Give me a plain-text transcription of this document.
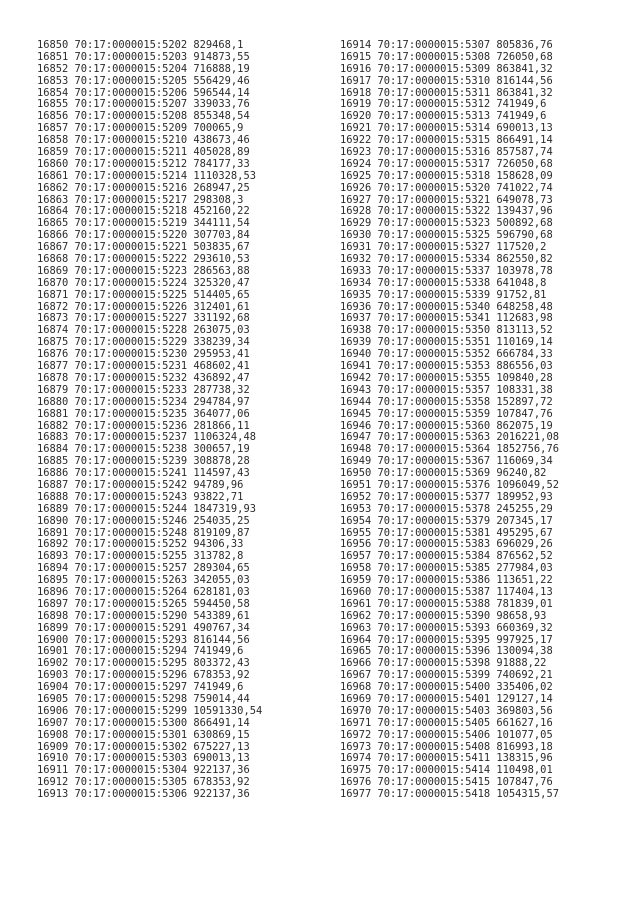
16850 70:17:0000015:5202 829468,1
16851 70:17:0000015:5203 914873,55
16852 70:17:0000015:5204 716888,19
16853 70:17:0000015:5205 556429,46
16854 70:17:0000015:5206 596544,14
16855 70:17:0000015:5207 339033,76
16856 70:17:0000015:5208 855348,54
16857 70:17:0000015:5209 700065,9
16858 70:17:0000015:5210 438673,46
16859 70:17:0000015:5211 405028,89
16860 70:17:0000015:5212 784177,33
16861 70:17:0000015:5214 1110328,53
16862 70:17:0000015:5216 268947,25
16863 70:17:0000015:5217 298308,3
16864 70:17:0000015:5218 452160,22
16865 70:17:0000015:5219 344111,54
16866 70:17:0000015:5220 307703,84
16867 70:17:0000015:5221 503835,67
16868 70:17:0000015:5222 293610,53
16869 70:17:0000015:5223 286563,88
16870 70:17:0000015:5224 325320,47
16871 70:17:0000015:5225 514405,65
16872 70:17:0000015:5226 312401,61
16873 70:17:0000015:5227 331192,68
16874 70:17:0000015:5228 263075,03
16875 70:17:0000015:5229 338239,34
16876 70:17:0000015:5230 295953,41
16877 70:17:0000015:5231 468602,41
16878 70:17:0000015:5232 436892,47
16879 70:17:0000015:5233 287738,32
16880 70:17:0000015:5234 294784,97
16881 70:17:0000015:5235 364077,06
16882 70:17:0000015:5236 281866,11
16883 70:17:0000015:5237 1106324,48
16884 70:17:0000015:5238 300657,19
16885 70:17:0000015:5239 308878,28
16886 70:17:0000015:5241 114597,43
16887 70:17:0000015:5242 94789,96
16888 70:17:0000015:5243 93822,71
16889 70:17:0000015:5244 1847319,93
16890 70:17:0000015:5246 254035,25
16891 70:17:0000015:5248 819109,87
16892 70:17:0000015:5252 94306,33
16893 70:17:0000015:5255 313782,8
16894 70:17:0000015:5257 289304,65
16895 70:17:0000015:5263 342055,03
16896 70:17:0000015:5264 628181,03
16897 70:17:0000015:5265 594450,58
16898 70:17:0000015:5290 543389,61
16899 70:17:0000015:5291 490767,34
16900 70:17:0000015:5293 816144,56
16901 70:17:0000015:5294 741949,6
16902 70:17:0000015:5295 803372,43
16903 70:17:0000015:5296 678353,92
16904 70:17:0000015:5297 741949,6
16905 70:17:0000015:5298 759014,44
16906 70:17:0000015:5299 10591330,54
16907 70:17:0000015:5300 866491,14
16908 70:17:0000015:5301 630869,15
16909 70:17:0000015:5302 675227,13
16910 70:17:0000015:5303 690013,13
16911 70:17:0000015:5304 922137,36
16912 70:17:0000015:5305 678353,92
16913 70:17:0000015:5306 922137,36
16914 70:17:0000015:5307 805836,76
16915 70:17:0000015:5308 726050,68
16916 70:17:0000015:5309 863841,32
16917 70:17:0000015:5310 816144,56
16918 70:17:0000015:5311 863841,32
16919 70:17:0000015:5312 741949,6
16920 70:17:0000015:5313 741949,6
16921 70:17:0000015:5314 690013,13
16922 70:17:0000015:5315 866491,14
16923 70:17:0000015:5316 857587,74
16924 70:17:0000015:5317 726050,68
16925 70:17:0000015:5318 158628,09
16926 70:17:0000015:5320 741022,74
16927 70:17:0000015:5321 649078,73
16928 70:17:0000015:5322 139437,96
16929 70:17:0000015:5323 500892,68
16930 70:17:0000015:5325 596790,68
16931 70:17:0000015:5327 117520,2
16932 70:17:0000015:5334 862550,82
16933 70:17:0000015:5337 103978,78
16934 70:17:0000015:5338 641048,8
16935 70:17:0000015:5339 91752,81
16936 70:17:0000015:5340 648258,48
16937 70:17:0000015:5341 112683,98
16938 70:17:0000015:5350 813113,52
16939 70:17:0000015:5351 110169,14
16940 70:17:0000015:5352 666784,33
16941 70:17:0000015:5353 886556,03
16942 70:17:0000015:5355 109840,28
16943 70:17:0000015:5357 108331,38
16944 70:17:0000015:5358 152897,72
16945 70:17:0000015:5359 107847,76
16946 70:17:0000015:5360 862075,19
16947 70:17:0000015:5363 2016221,08
16948 70:17:0000015:5364 1852756,76
16949 70:17:0000015:5367 116069,34
16950 70:17:0000015:5369 96240,82
16951 70:17:0000015:5376 1096049,52
16952 70:17:0000015:5377 189952,93
16953 70:17:0000015:5378 245255,29
16954 70:17:0000015:5379 207345,17
16955 70:17:0000015:5381 495295,67
16956 70:17:0000015:5383 696029,26
16957 70:17:0000015:5384 876562,52
16958 70:17:0000015:5385 277984,03
16959 70:17:0000015:5386 113651,22
16960 70:17:0000015:5387 117404,13
16961 70:17:0000015:5388 781839,01
16962 70:17:0000015:5390 98658,93
16963 70:17:0000015:5393 660369,32
16964 70:17:0000015:5395 997925,17
16965 70:17:0000015:5396 130094,38
16966 70:17:0000015:5398 91888,22
16967 70:17:0000015:5399 740692,21
16968 70:17:0000015:5400 335406,02
16969 70:17:0000015:5401 129127,14
16970 70:17:0000015:5403 369803,56
16971 70:17:0000015:5405 661627,16
16972 70:17:0000015:5406 101077,05
16973 70:17:0000015:5408 816993,18
16974 70:17:0000015:5411 138315,96
16975 70:17:0000015:5414 110498,01
16976 70:17:0000015:5415 107847,76
16977 70:17:0000015:5418 1054315,57
